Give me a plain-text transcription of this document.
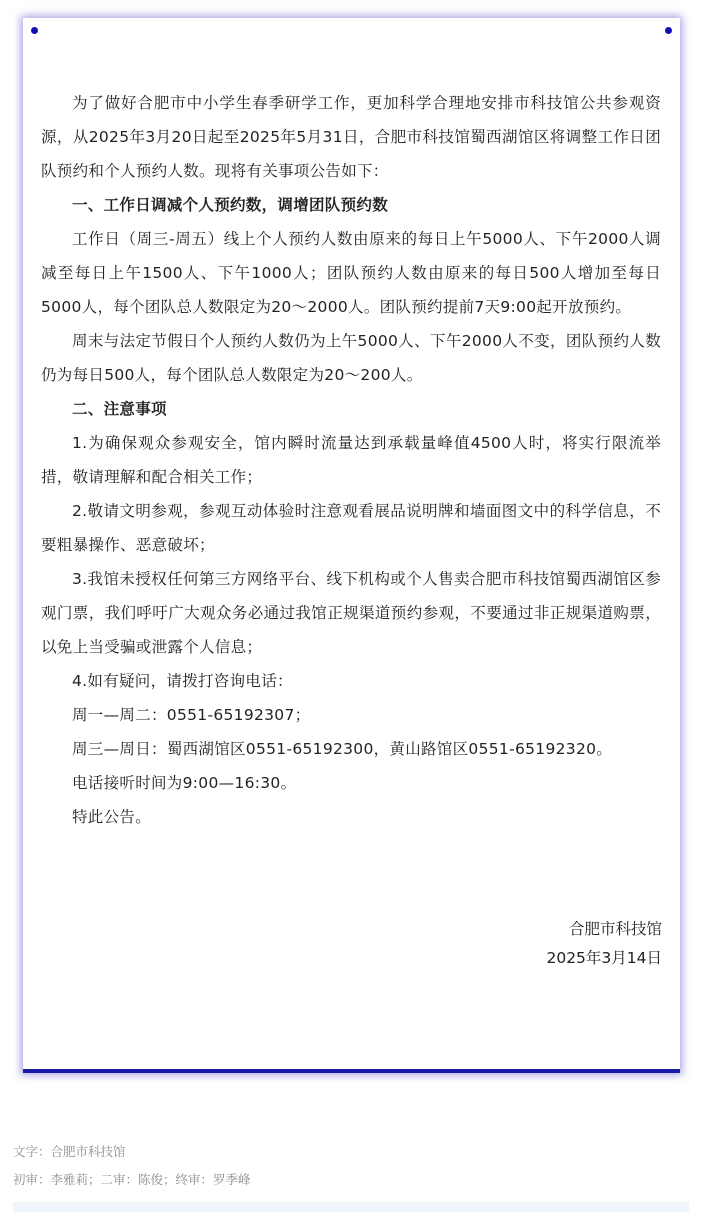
为了做好合肥市中小学生春季研学工作，更加科学合理地安排市科技馆公共参观资源，从2025年3月20日起至2025年5月31日，合肥市科技馆蜀西湖馆区将调整工作日团队预约和个人预约人数。现将有关事项公告如下：

一、工作日调减个人预约数，调增团队预约数

工作日（周三-周五）线上个人预约人数由原来的每日上午5000人、下午2000人调减至每日上午1500人、下午1000人；团队预约人数由原来的每日500人增加至每日5000人，每个团队总人数限定为20～2000人。团队预约提前7天9:00起开放预约。

周末与法定节假日个人预约人数仍为上午5000人、下午2000人不变，团队预约人数仍为每日500人，每个团队总人数限定为20～200人。

二、注意事项

1.为确保观众参观安全，馆内瞬时流量达到承载量峰值4500人时，将实行限流举措，敬请理解和配合相关工作；

2.敬请文明参观，参观互动体验时注意观看展品说明牌和墙面图文中的科学信息，不要粗暴操作、恶意破坏；

3.我馆未授权任何第三方网络平台、线下机构或个人售卖合肥市科技馆蜀西湖馆区参观门票，我们呼吁广大观众务必通过我馆正规渠道预约参观，不要通过非正规渠道购票，以免上当受骗或泄露个人信息；

4.如有疑问，请拨打咨询电话：

周一—周二：0551-65192307；

周三—周日：蜀西湖馆区0551-65192300，黄山路馆区0551-65192320。

电话接听时间为9:00—16:30。

特此公告。

合肥市科技馆
2025年3月14日
文字：合肥市科技馆
初审：李雅莉；二审：陈俊；终审：罗季峰
